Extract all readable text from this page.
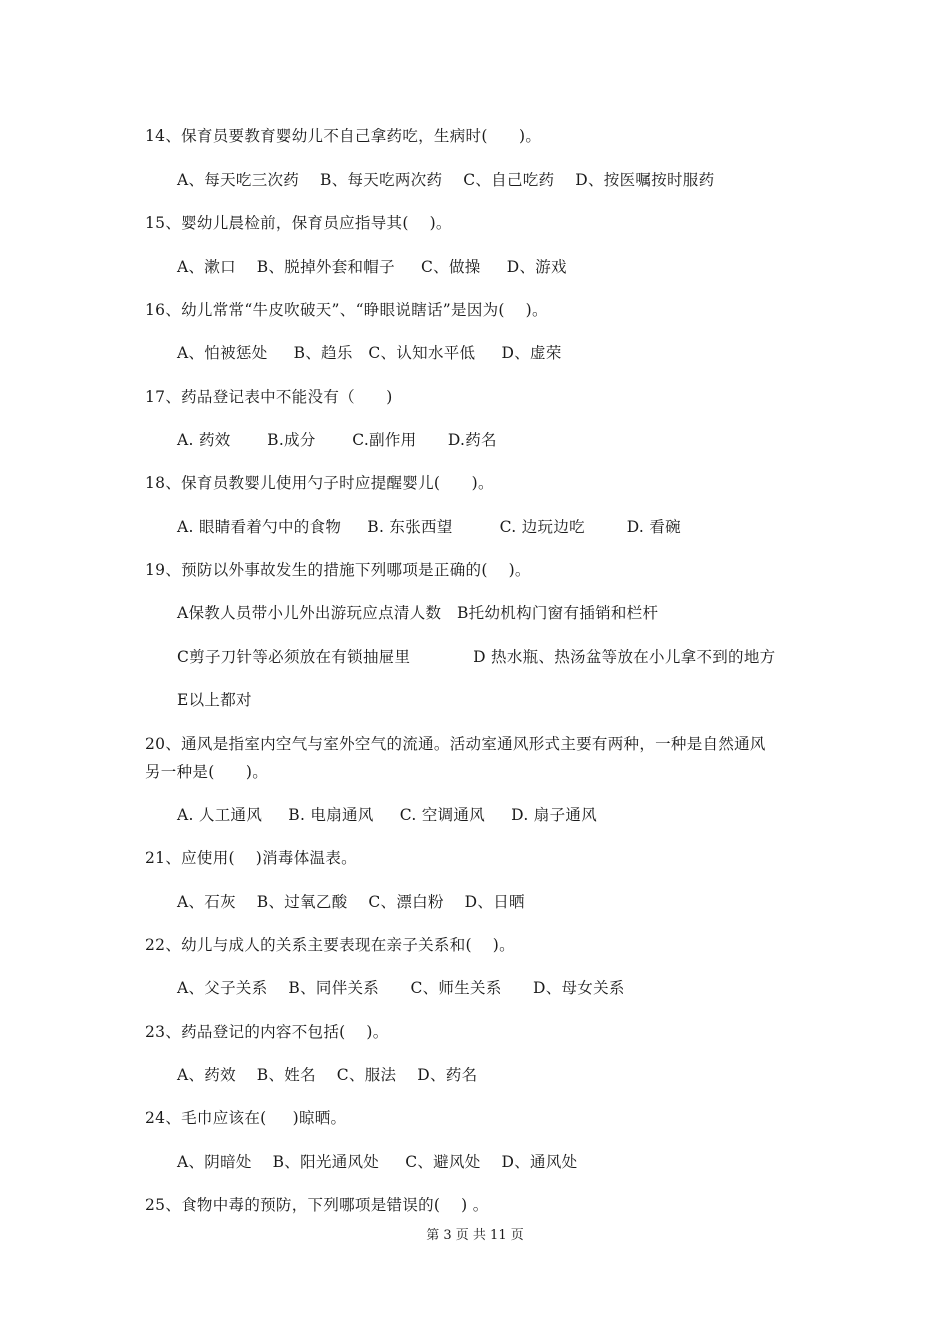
14、保育员要教育婴幼儿不自己拿药吃，生病时(      )。
A、每天吃三次药    B、每天吃两次药    C、自己吃药    D、按医嘱按时服药
15、婴幼儿晨检前，保育员应指导其(    )。
A、漱口    B、脱掉外套和帽子     C、做操     D、游戏
16、幼儿常常“牛皮吹破天”、“睁眼说瞎话”是因为(    )。
A、怕被惩处     B、趋乐   C、认知水平低     D、虚荣
17、药品登记表中不能没有（      )
A. 药效       B.成分       C.副作用      D.药名
18、保育员教婴儿使用勺子时应提醒婴儿(      )。
A. 眼睛看着勺中的食物     B. 东张西望         C. 边玩边吃        D. 看碗
19、预防以外事故发生的措施下列哪项是正确的(    )。
A保教人员带小儿外出游玩应点清人数   B托幼机构门窗有插销和栏杆
C剪子刀针等必须放在有锁抽屉里            D 热水瓶、热汤盆等放在小儿拿不到的地方
E以上都对
20、通风是指室内空气与室外空气的流通。活动室通风形式主要有两种，一种是自然通风
另一种是(      )。
A. 人工通风     B. 电扇通风     C. 空调通风     D. 扇子通风
21、应使用(    )消毒体温表。
A、石灰    B、过氧乙酸    C、漂白粉    D、日晒
22、幼儿与成人的关系主要表现在亲子关系和(    )。
A、父子关系    B、同伴关系      C、师生关系      D、母女关系
23、药品登记的内容不包括(    )。
A、药效    B、姓名    C、服法    D、药名
24、毛巾应该在(     )晾晒。
A、阴暗处    B、阳光通风处     C、避风处    D、通风处
25、食物中毒的预防，下列哪项是错误的(    ) 。
第 3 页 共 11 页
